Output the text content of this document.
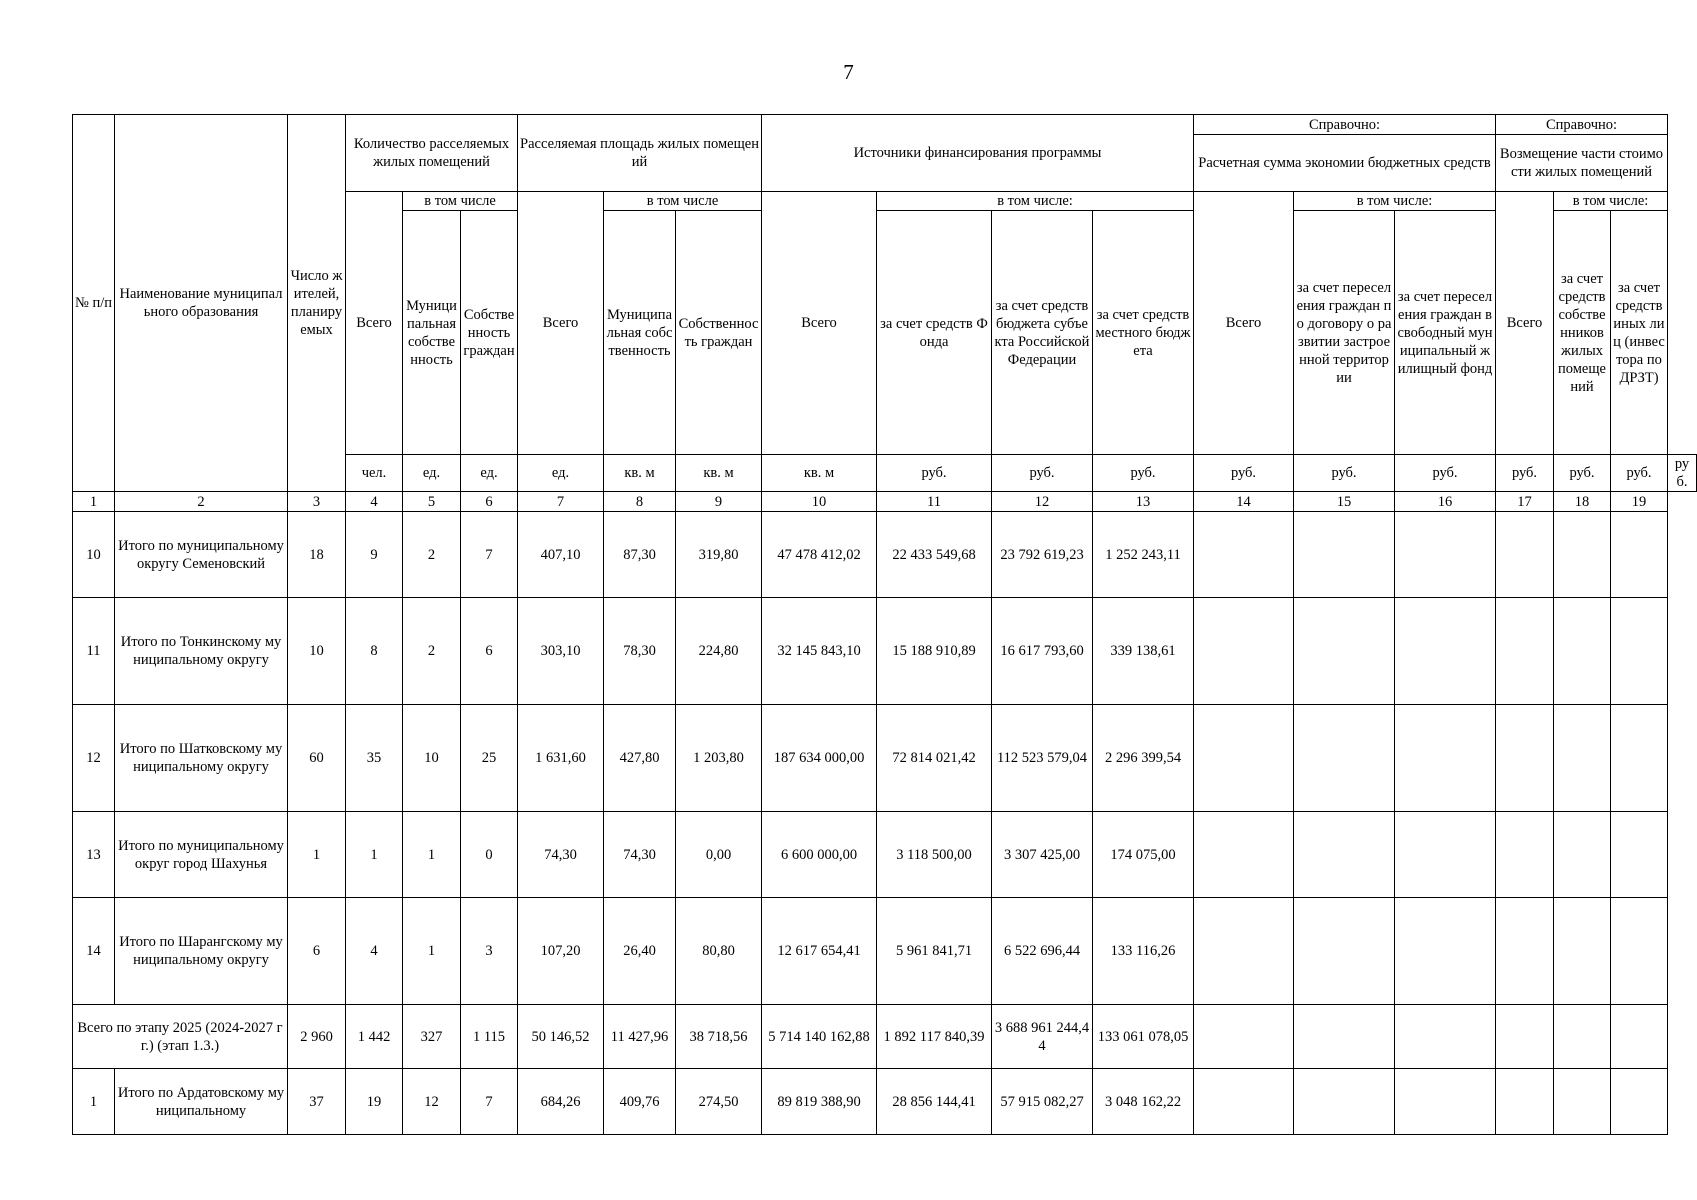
7
№ п/п	Наименование муниципального образования	Число жителей, планируемых	Количество расселяемых жилых помещений			Расселяемая площадь жилых помещений			Источники финансирования программы				Справочно:			Справочно:			
													Расчетная сумма экономии бюджетных средств			Возмещение части стоимости жилых помещений			
			Всего	в том числе		Всего	в том числе		Всего	в том числе:			Всего	в том числе:		Всего	в том числе:		
				Муниципальная собственность	Собственность граждан		Муниципальная собственность	Собственность граждан		за счет средств Фонда	за счет средств бюджета субъекта Российской Федерации	за счет средств местного бюджета		за счет переселения граждан по договору о развитии застроенной территории	за счет переселения граждан в свободный муниципальный жилищный фонд		за счет средств собственников жилых помещений	за счет средств иных лиц (инвестора по ДРЗТ)	
			чел.	ед.	ед.	ед.	кв. м	кв. м	кв. м	руб.	руб.	руб.	руб.	руб.	руб.	руб.	руб.	руб.	руб.
1	2	3	4	5	6	7	8	9	10	11	12	13	14	15	16	17	18	19	
10	Итого по муниципальному округу Семеновский	18	9	2	7	407,10	87,30	319,80	47 478 412,02	22 433 549,68	23 792 619,23	1 252 243,11							
11	Итого по Тонкинскому муниципальному округу	10	8	2	6	303,10	78,30	224,80	32 145 843,10	15 188 910,89	16 617 793,60	339 138,61							
12	Итого по Шатковскому муниципальному округу	60	35	10	25	1 631,60	427,80	1 203,80	187 634 000,00	72 814 021,42	112 523 579,04	2 296 399,54							
13	Итого по муниципальному округ город Шахунья	1	1	1	0	74,30	74,30	0,00	6 600 000,00	3 118 500,00	3 307 425,00	174 075,00							
14	Итого по Шарангскому муниципальному округу	6	4	1	3	107,20	26,40	80,80	12 617 654,41	5 961 841,71	6 522 696,44	133 116,26							
Всего по этапу 2025 (2024-2027 гг.) (этап 1.3.)		2 960	1 442	327	1 115	50 146,52	11 427,96	38 718,56	5 714 140 162,88	1 892 117 840,39	3 688 961 244,44	133 061 078,05							
1	Итого по Ардатовскому муниципальному	37	19	12	7	684,26	409,76	274,50	89 819 388,90	28 856 144,41	57 915 082,27	3 048 162,22							
